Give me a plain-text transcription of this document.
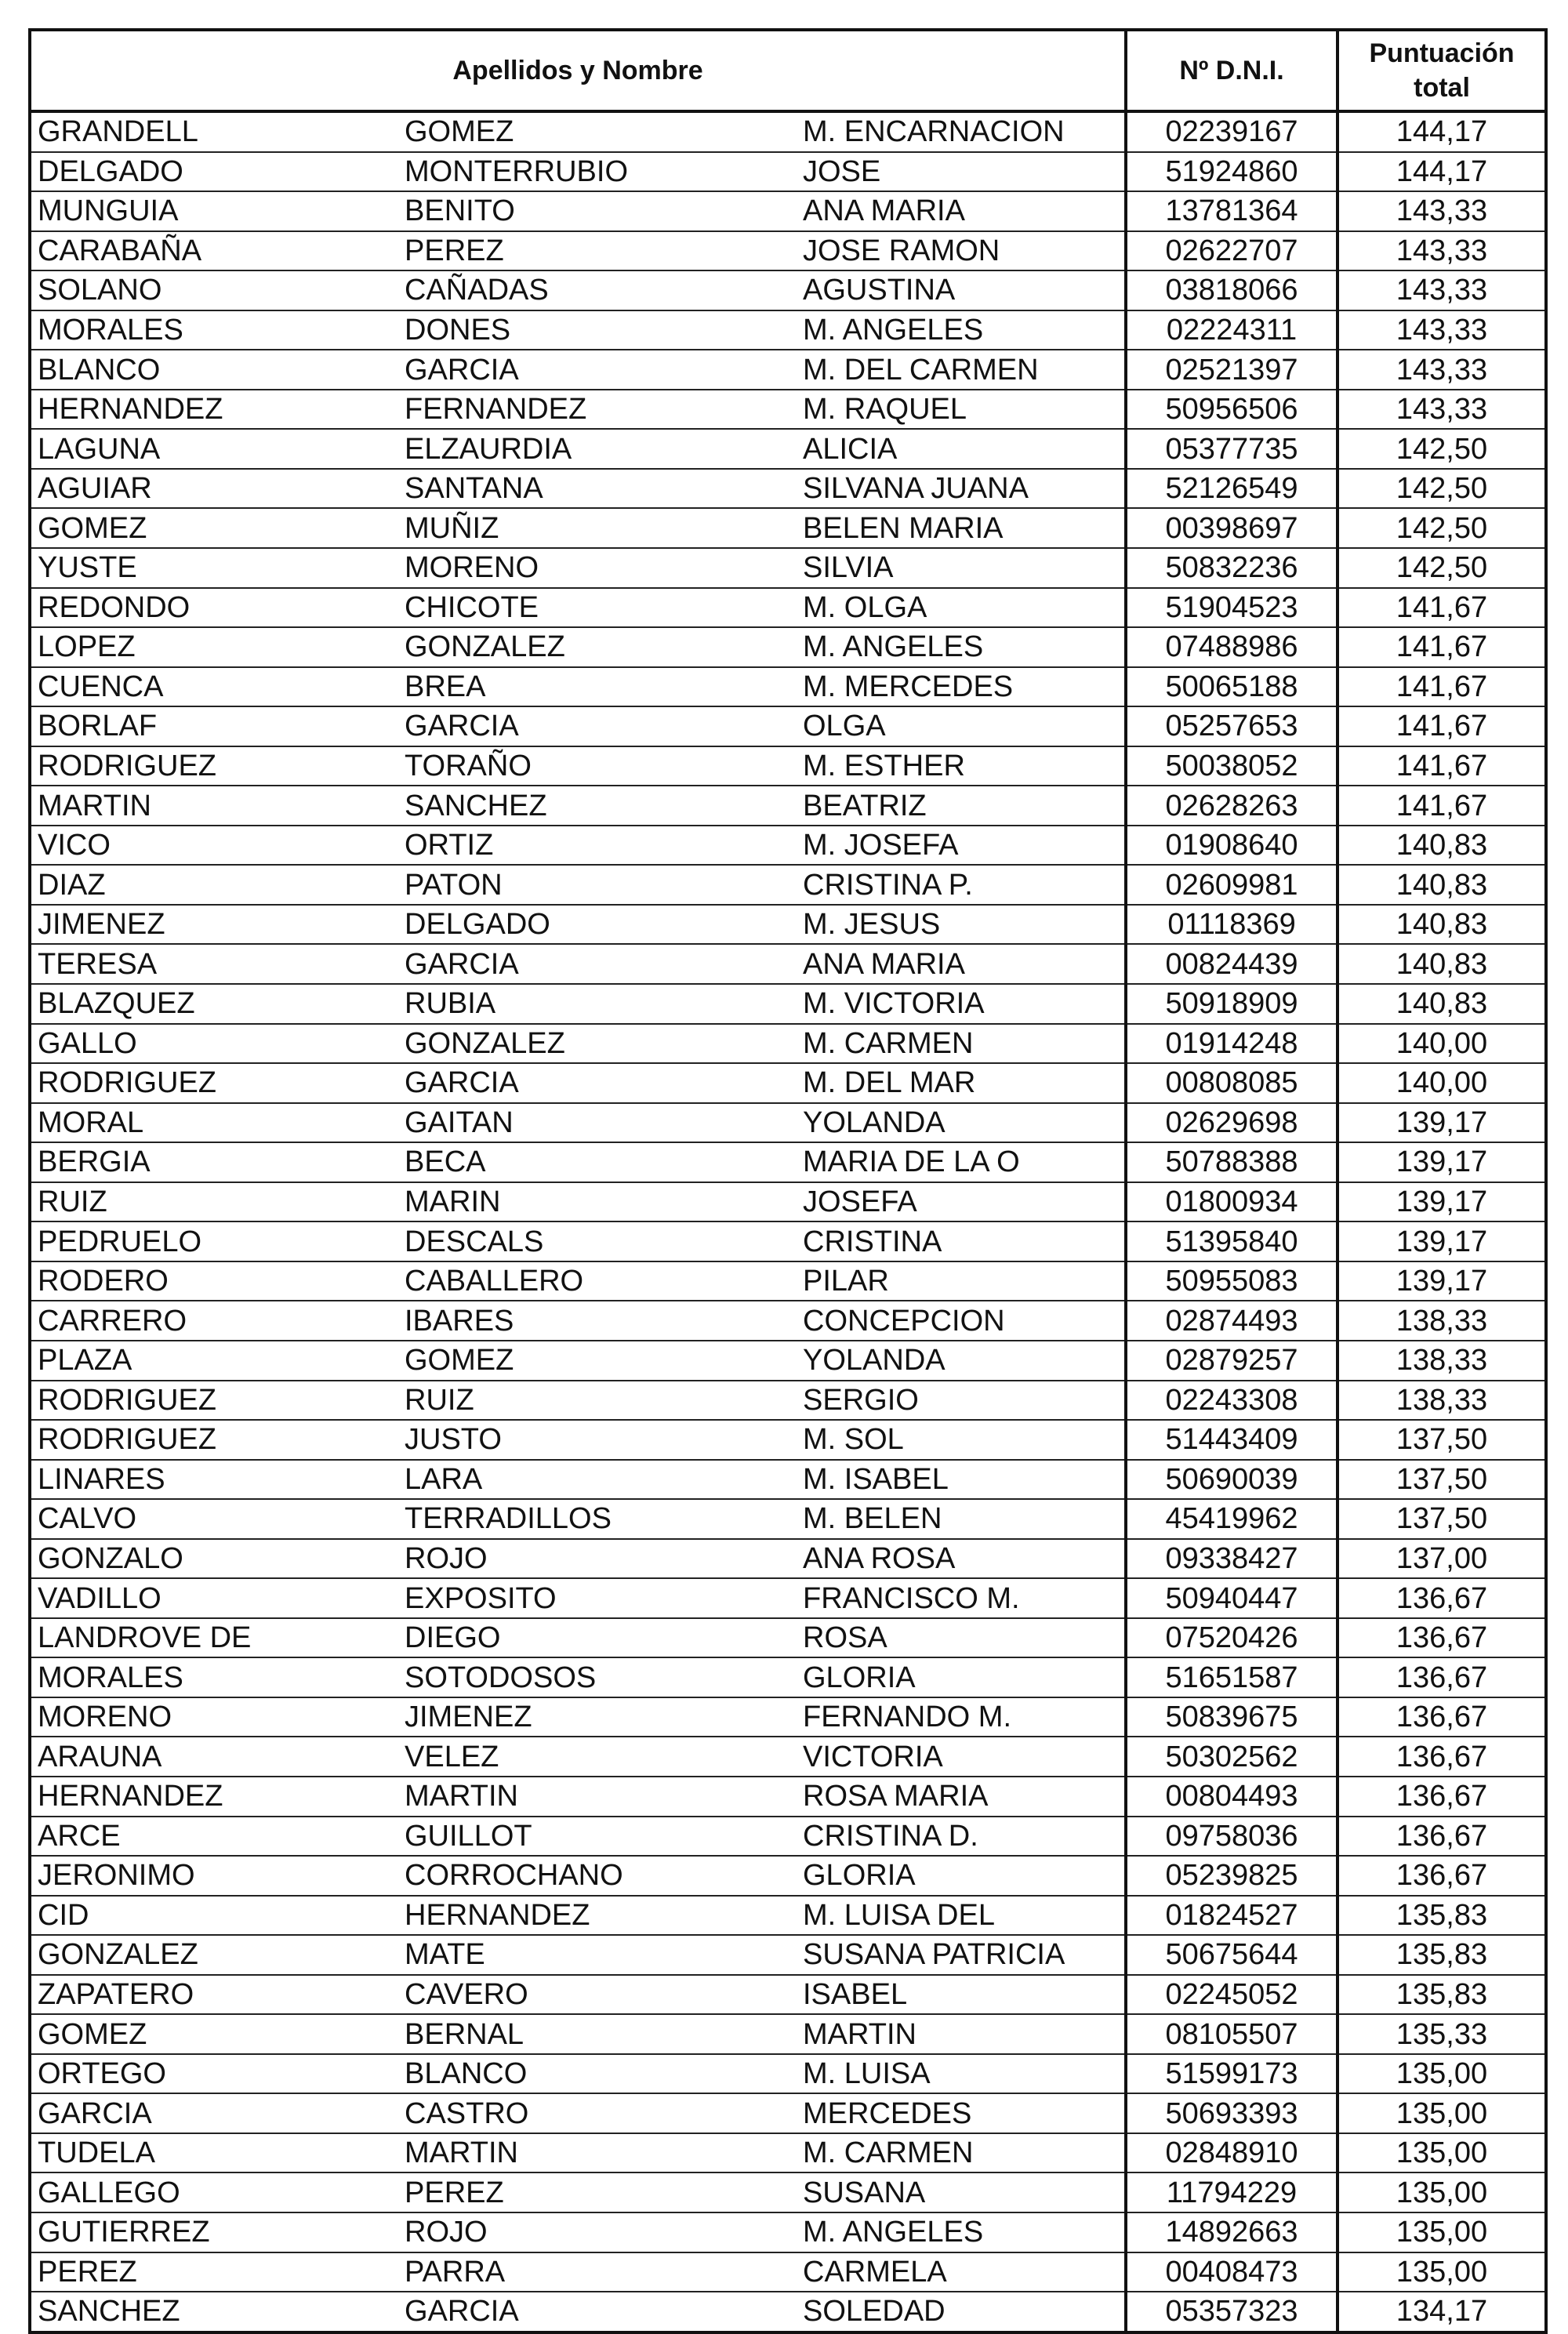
Apellidos y Nombre			Nº D.N.I.	Puntuación
total
GRANDELL	GOMEZ	M. ENCARNACION	02239167	144,17
DELGADO	MONTERRUBIO	JOSE	51924860	144,17
MUNGUIA	BENITO	ANA MARIA	13781364	143,33
CARABAÑA	PEREZ	JOSE RAMON	02622707	143,33
SOLANO	CAÑADAS	AGUSTINA	03818066	143,33
MORALES	DONES	M. ANGELES	02224311	143,33
BLANCO	GARCIA	M. DEL CARMEN	02521397	143,33
HERNANDEZ	FERNANDEZ	M. RAQUEL	50956506	143,33
LAGUNA	ELZAURDIA	ALICIA	05377735	142,50
AGUIAR	SANTANA	SILVANA JUANA	52126549	142,50
GOMEZ	MUÑIZ	BELEN MARIA	00398697	142,50
YUSTE	MORENO	SILVIA	50832236	142,50
REDONDO	CHICOTE	M. OLGA	51904523	141,67
LOPEZ	GONZALEZ	M. ANGELES	07488986	141,67
CUENCA	BREA	M. MERCEDES	50065188	141,67
BORLAF	GARCIA	OLGA	05257653	141,67
RODRIGUEZ	TORAÑO	M. ESTHER	50038052	141,67
MARTIN	SANCHEZ	BEATRIZ	02628263	141,67
VICO	ORTIZ	M. JOSEFA	01908640	140,83
DIAZ	PATON	CRISTINA P.	02609981	140,83
JIMENEZ	DELGADO	M. JESUS	01118369	140,83
TERESA	GARCIA	ANA MARIA	00824439	140,83
BLAZQUEZ	RUBIA	M. VICTORIA	50918909	140,83
GALLO	GONZALEZ	M. CARMEN	01914248	140,00
RODRIGUEZ	GARCIA	M. DEL MAR	00808085	140,00
MORAL	GAITAN	YOLANDA	02629698	139,17
BERGIA	BECA	MARIA DE LA O	50788388	139,17
RUIZ	MARIN	JOSEFA	01800934	139,17
PEDRUELO	DESCALS	CRISTINA	51395840	139,17
RODERO	CABALLERO	PILAR	50955083	139,17
CARRERO	IBARES	CONCEPCION	02874493	138,33
PLAZA	GOMEZ	YOLANDA	02879257	138,33
RODRIGUEZ	RUIZ	SERGIO	02243308	138,33
RODRIGUEZ	JUSTO	M. SOL	51443409	137,50
LINARES	LARA	M. ISABEL	50690039	137,50
CALVO	TERRADILLOS	M. BELEN	45419962	137,50
GONZALO	ROJO	ANA ROSA	09338427	137,00
VADILLO	EXPOSITO	FRANCISCO M.	50940447	136,67
LANDROVE DE	DIEGO	ROSA	07520426	136,67
MORALES	SOTODOSOS	GLORIA	51651587	136,67
MORENO	JIMENEZ	FERNANDO M.	50839675	136,67
ARAUNA	VELEZ	VICTORIA	50302562	136,67
HERNANDEZ	MARTIN	ROSA MARIA	00804493	136,67
ARCE	GUILLOT	CRISTINA D.	09758036	136,67
JERONIMO	CORROCHANO	GLORIA	05239825	136,67
CID	HERNANDEZ	M. LUISA DEL	01824527	135,83
GONZALEZ	MATE	SUSANA PATRICIA	50675644	135,83
ZAPATERO	CAVERO	ISABEL	02245052	135,83
GOMEZ	BERNAL	MARTIN	08105507	135,33
ORTEGO	BLANCO	M. LUISA	51599173	135,00
GARCIA	CASTRO	MERCEDES	50693393	135,00
TUDELA	MARTIN	M. CARMEN	02848910	135,00
GALLEGO	PEREZ	SUSANA	11794229	135,00
GUTIERREZ	ROJO	M. ANGELES	14892663	135,00
PEREZ	PARRA	CARMELA	00408473	135,00
SANCHEZ	GARCIA	SOLEDAD	05357323	134,17
